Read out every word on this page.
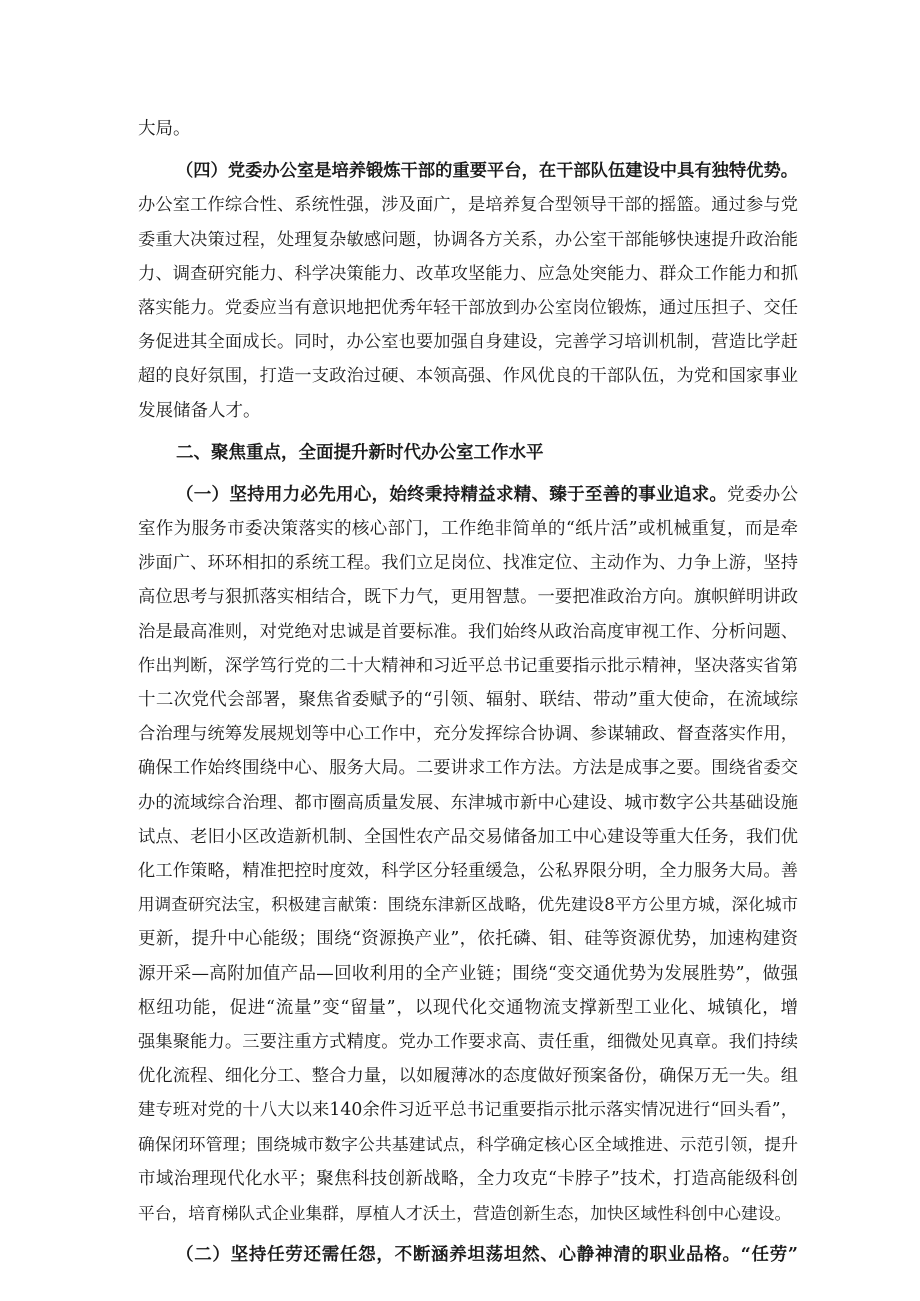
大局。
（四）党委办公室是培养锻炼干部的重要平台，在干部队伍建设中具有独特优势。
办公室工作综合性、系统性强，涉及面广，是培养复合型领导干部的摇篮。通过参与党
委重大决策过程，处理复杂敏感问题，协调各方关系，办公室干部能够快速提升政治能
力、调查研究能力、科学决策能力、改革攻坚能力、应急处突能力、群众工作能力和抓
落实能力。党委应当有意识地把优秀年轻干部放到办公室岗位锻炼，通过压担子、交任
务促进其全面成长。同时，办公室也要加强自身建设，完善学习培训机制，营造比学赶
超的良好氛围，打造一支政治过硬、本领高强、作风优良的干部队伍，为党和国家事业
发展储备人才。
二、聚焦重点，全面提升新时代办公室工作水平
（一）坚持用力必先用心，始终秉持精益求精、臻于至善的事业追求。党委办公
室作为服务市委决策落实的核心部门，工作绝非简单的“纸片活”或机械重复，而是牵
涉面广、环环相扣的系统工程。我们立足岗位、找准定位、主动作为、力争上游，坚持
高位思考与狠抓落实相结合，既下力气，更用智慧。一要把准政治方向。旗帜鲜明讲政
治是最高准则，对党绝对忠诚是首要标准。我们始终从政治高度审视工作、分析问题、
作出判断，深学笃行党的二十大精神和习近平总书记重要指示批示精神，坚决落实省第
十二次党代会部署，聚焦省委赋予的“引领、辐射、联结、带动”重大使命，在流域综
合治理与统筹发展规划等中心工作中，充分发挥综合协调、参谋辅政、督查落实作用，
确保工作始终围绕中心、服务大局。二要讲求工作方法。方法是成事之要。围绕省委交
办的流域综合治理、都市圈高质量发展、东津城市新中心建设、城市数字公共基础设施
试点、老旧小区改造新机制、全国性农产品交易储备加工中心建设等重大任务，我们优
化工作策略，精准把控时度效，科学区分轻重缓急，公私界限分明，全力服务大局。善
用调查研究法宝，积极建言献策：围绕东津新区战略，优先建设8平方公里方城，深化城市
更新，提升中心能级；围绕“资源换产业”，依托磷、钼、硅等资源优势，加速构建资
源开采—高附加值产品—回收利用的全产业链；围绕“变交通优势为发展胜势”，做强
枢纽功能，促进“流量”变“留量”，以现代化交通物流支撑新型工业化、城镇化，增
强集聚能力。三要注重方式精度。党办工作要求高、责任重，细微处见真章。我们持续
优化流程、细化分工、整合力量，以如履薄冰的态度做好预案备份，确保万无一失。组
建专班对党的十八大以来140余件习近平总书记重要指示批示落实情况进行“回头看”，
确保闭环管理；围绕城市数字公共基建试点，科学确定核心区全域推进、示范引领，提升
市域治理现代化水平；聚焦科技创新战略，全力攻克“卡脖子”技术，打造高能级科创
平台，培育梯队式企业集群，厚植人才沃土，营造创新生态，加快区域性科创中心建设。
（二）坚持任劳还需任怨，不断涵养坦荡坦然、心静神清的职业品格。“任劳”
